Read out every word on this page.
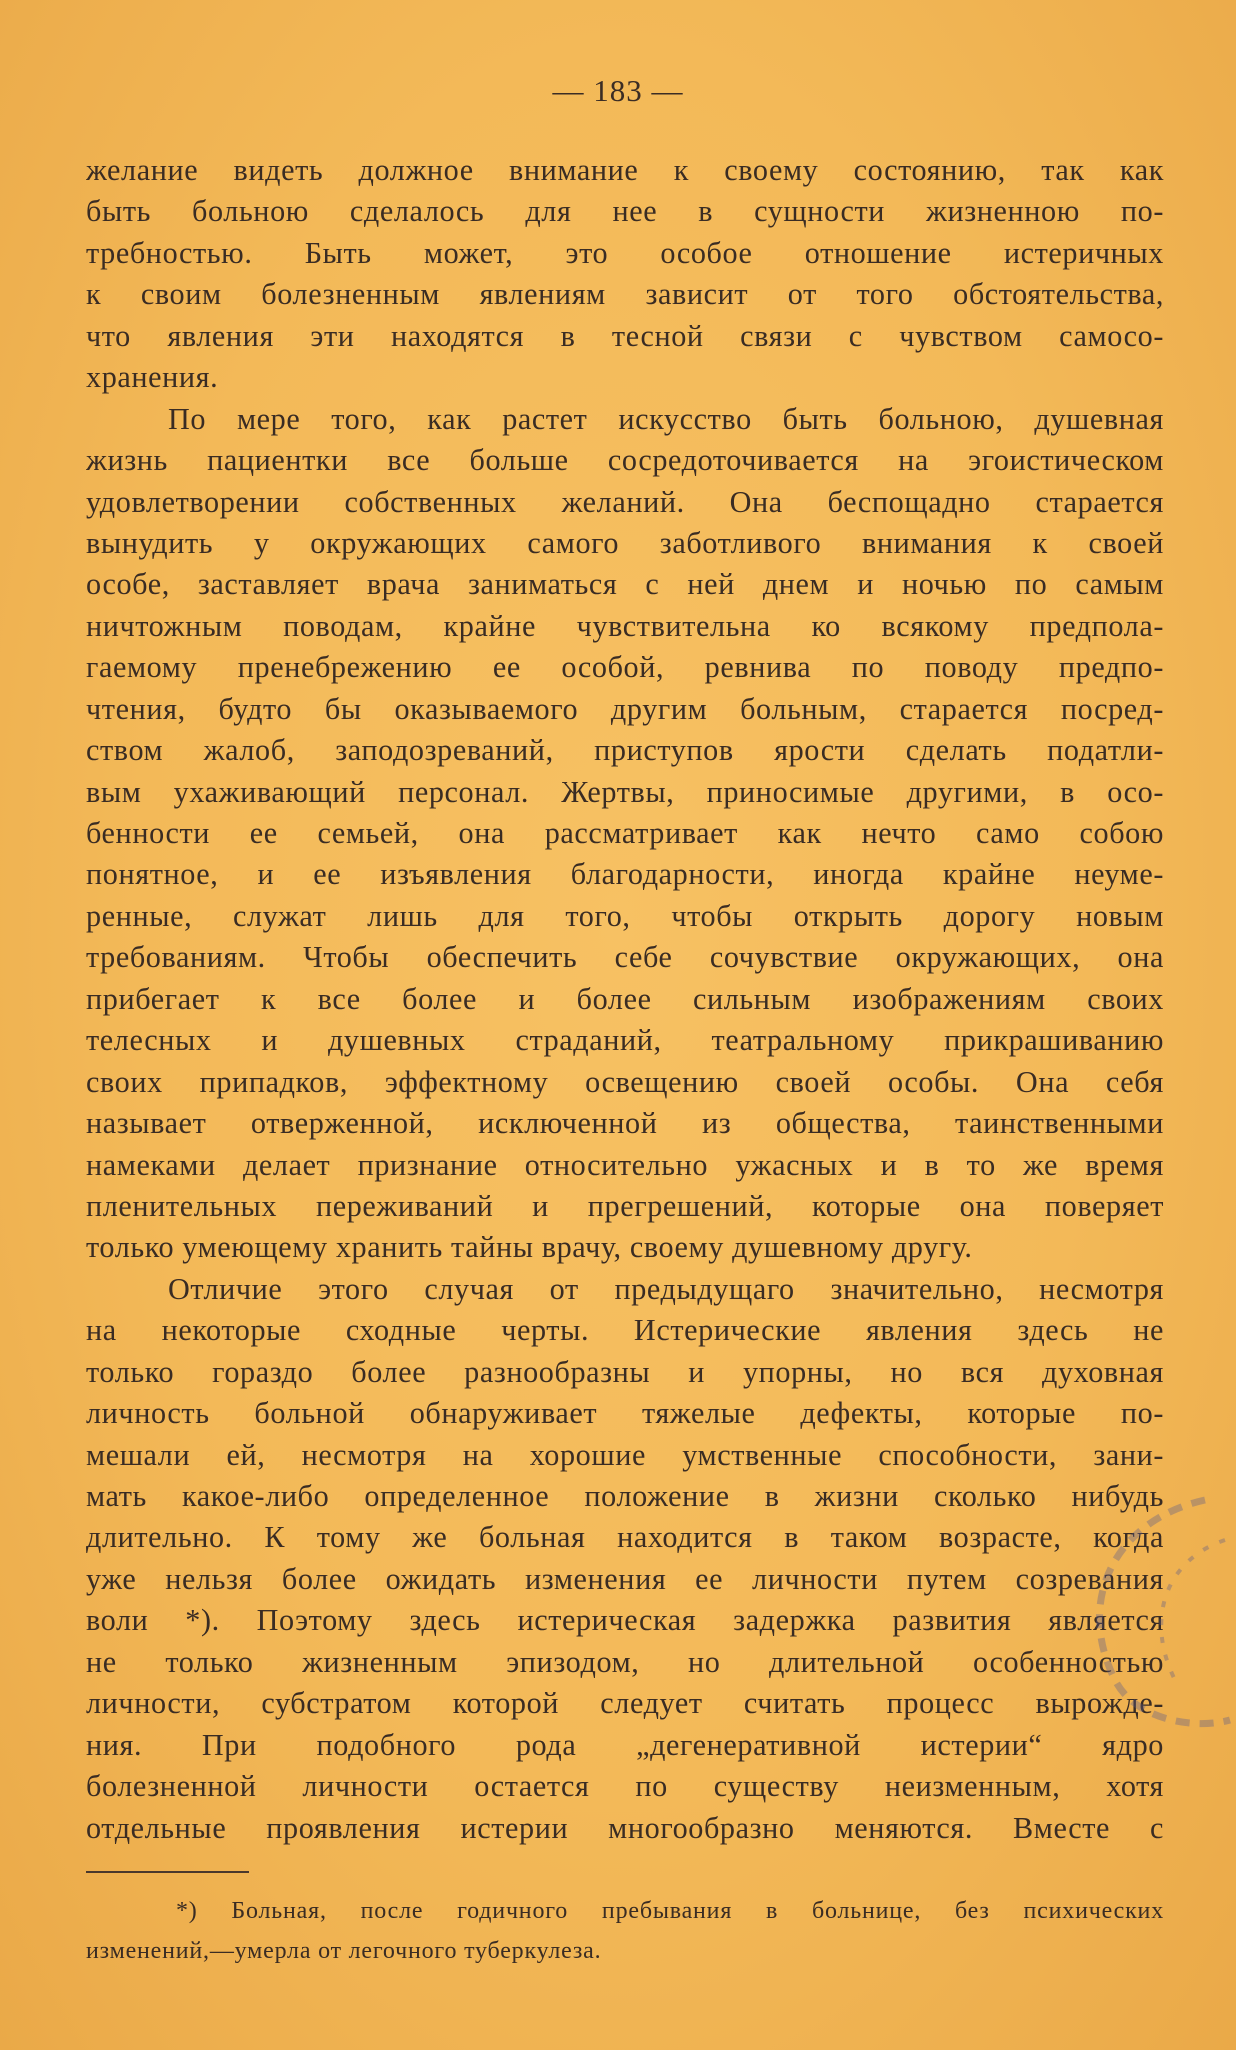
— 183 —
желание видеть должное внимание к своему состоянию, так как
быть больною сделалось для нее в сущности жизненною по-
требностью. Быть может, это особое отношение истеричных
к своим болезненным явлениям зависит от того обстоятельства,
что явления эти находятся в тесной связи с чувством самосо-
хранения.
По мере того, как растет искусство быть больною, душевная
жизнь пациентки все больше сосредоточивается на эгоистическом
удовлетворении собственных желаний. Она беспощадно старается
вынудить у окружающих самого заботливого внимания к своей
особе, заставляет врача заниматься с ней днем и ночью по самым
ничтожным поводам, крайне чувствительна ко всякому предпола-
гаемому пренебрежению ее особой, ревнива по поводу предпо-
чтения, будто бы оказываемого другим больным, старается посред-
ством жалоб, заподозреваний, приступов ярости сделать податли-
вым ухаживающий персонал. Жертвы, приносимые другими, в осо-
бенности ее семьей, она рассматривает как нечто само собою
понятное, и ее изъявления благодарности, иногда крайне неуме-
ренные, служат лишь для того, чтобы открыть дорогу новым
требованиям. Чтобы обеспечить себе сочувствие окружающих, она
прибегает к все более и более сильным изображениям своих
телесных и душевных страданий, театральному прикрашиванию
своих припадков, эффектному освещению своей особы. Она себя
называет отверженной, исключенной из общества, таинственными
намеками делает признание относительно ужасных и в то же время
пленительных переживаний и прегрешений, которые она поверяет
только умеющему хранить тайны врачу, своему душевному другу.
Отличие этого случая от предыдущаго значительно, несмотря
на некоторые сходные черты. Истерические явления здесь не
только гораздо более разнообразны и упорны, но вся духовная
личность больной обнаруживает тяжелые дефекты, которые по-
мешали ей, несмотря на хорошие умственные способности, зани-
мать какое-либо определенное положение в жизни сколько нибудь
длительно. К тому же больная находится в таком возрасте, когда
уже нельзя более ожидать изменения ее личности путем созревания
воли *). Поэтому здесь истерическая задержка развития является
не только жизненным эпизодом, но длительной особенностью
личности, субстратом которой следует считать процесс вырожде-
ния. При подобного рода „дегенеративной истерии“ ядро
болезненной личности остается по существу неизменным, хотя
отдельные проявления истерии многообразно меняются. Вместе с
*) Больная, после годичного пребывания в больнице, без психических
изменений,—умерла от легочного туберкулеза.
